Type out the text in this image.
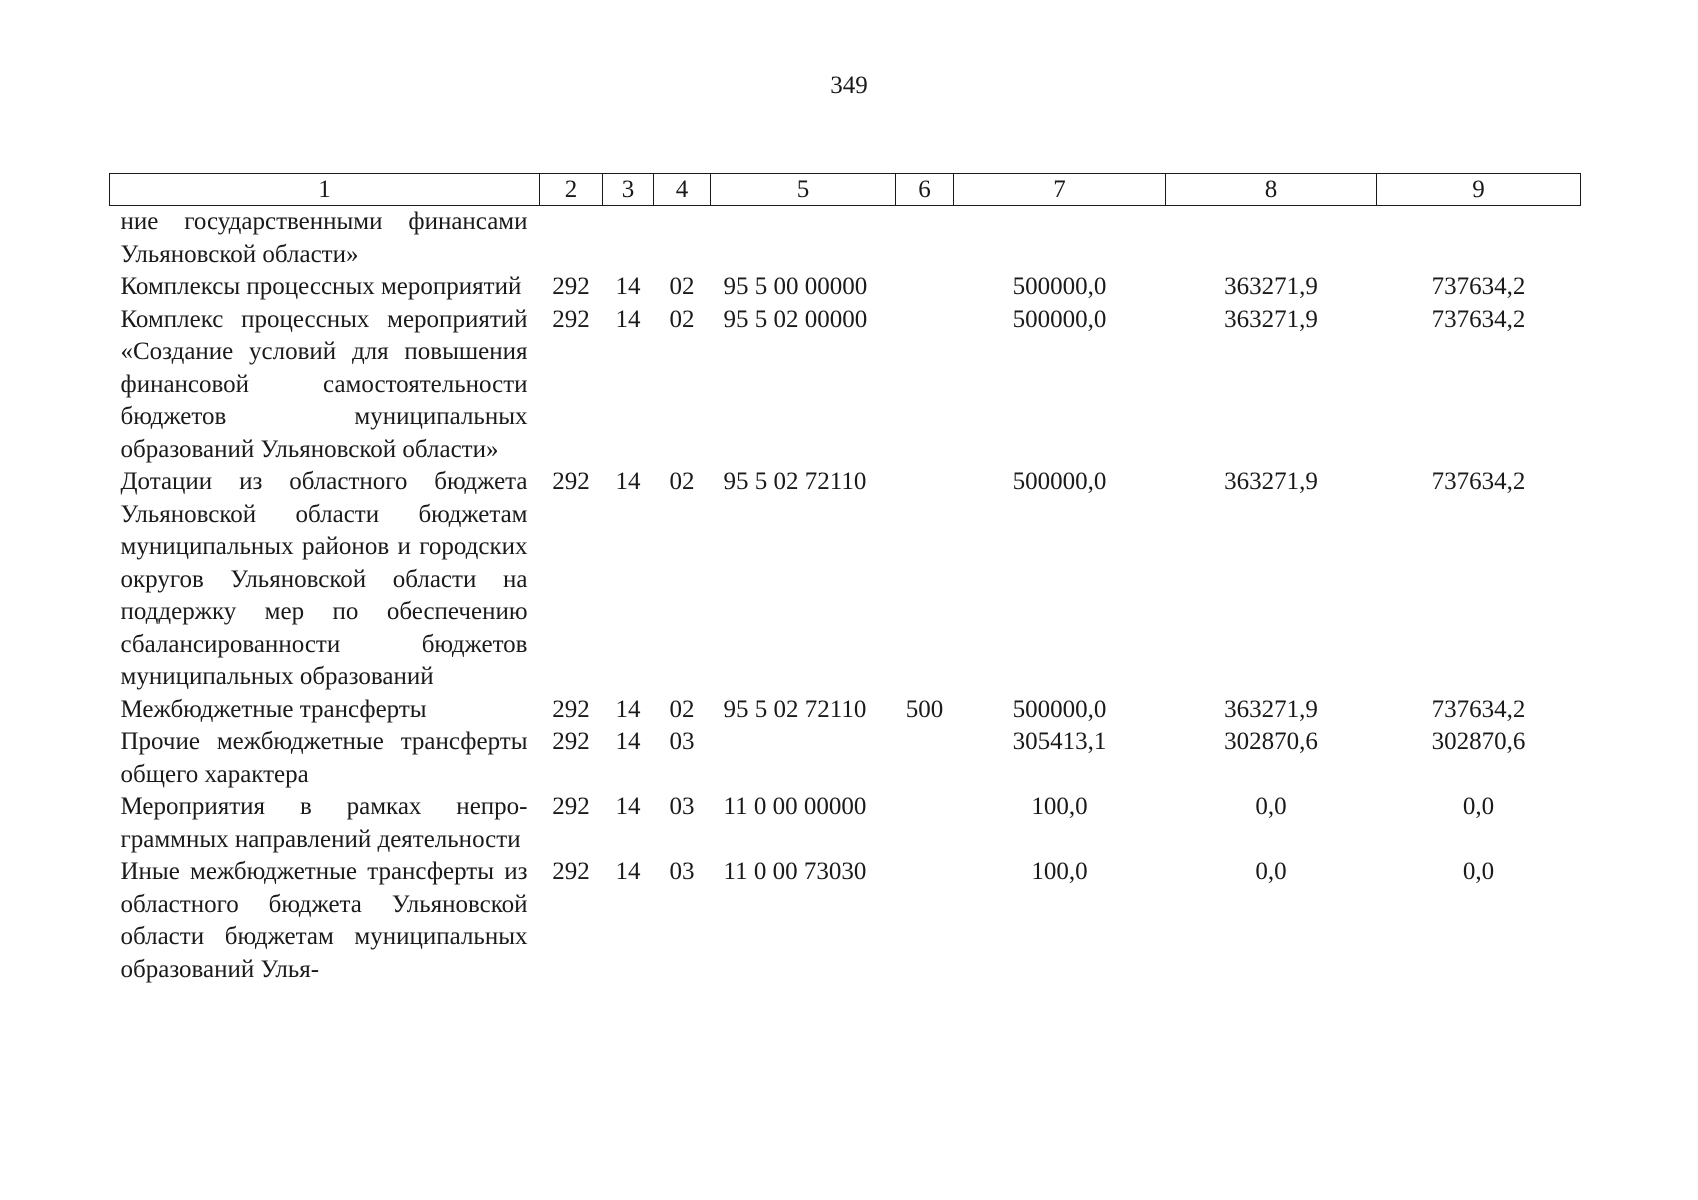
349
1	2	3	4	5	6	7	8	9
ние государственными финансами Ульяновской области»								
Комплексы процессных мероприятий	292	14	02	95 5 00 00000		500000,0	363271,9	737634,2
Комплекс процессных мероприятий «Создание условий для повышения финансовой самостоятельности бюджетов муниципальных образований Ульяновской области»	292	14	02	95 5 02 00000		500000,0	363271,9	737634,2
Дотации из областного бюджета Ульяновской области бюджетам муниципальных районов и городских округов Ульяновской области на поддержку мер по обеспечению сбалансированности бюджетов муниципальных образований	292	14	02	95 5 02 72110		500000,0	363271,9	737634,2
Межбюджетные трансферты	292	14	02	95 5 02 72110	500	500000,0	363271,9	737634,2
Прочие межбюджетные трансферты общего характера	292	14	03			305413,1	302870,6	302870,6
Мероприятия в рамках непрограммных направлений деятельности	292	14	03	11 0 00 00000		100,0	0,0	0,0
Иные межбюджетные трансферты из областного бюджета Ульяновской области бюджетам муниципальных образований Улья-	292	14	03	11 0 00 73030		100,0	0,0	0,0
